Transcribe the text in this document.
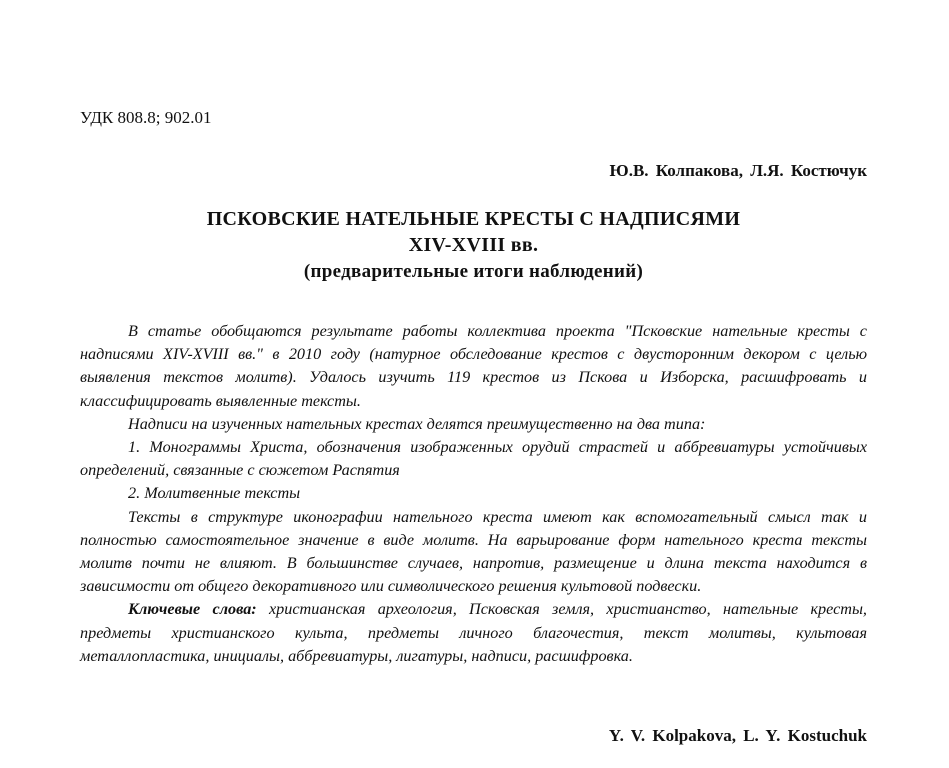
УДК 808.8; 902.01
Ю.В. Колпакова, Л.Я. Костючук
ПСКОВСКИЕ НАТЕЛЬНЫЕ КРЕСТЫ С НАДПИСЯМИ
XIV-XVIII вв.
(предварительные итоги наблюдений)

В статье обобщаются результате работы коллектива проекта "Псковские нательные кресты с надписями XIV-XVIII вв." в 2010 году (натурное обследование крестов с двусторонним декором с целью выявления текстов молитв). Удалось изучить 119 крестов из Пскова и Изборска, расшифровать и классифицировать выявленные тексты.

Надписи на изученных нательных крестах делятся преимущественно на два типа:

1. Монограммы Христа, обозначения изображенных орудий страстей и аббревиатуры устойчивых определений, связанные с сюжетом Распятия

2. Молитвенные тексты

Тексты в структуре иконографии нательного креста имеют как вспомогательный смысл так и полностью самостоятельное значение в виде молитв. На варьирование форм нательного креста тексты молитв почти не влияют. В большинстве случаев, напротив, размещение и длина текста находится в зависимости от общего декоративного или символического решения культовой подвески.

Ключевые слова: христианская археология, Псковская земля, христианство, нательные кресты, предметы христианского культа, предметы личного благочестия, текст молитвы, культовая металлопластика, инициалы, аббревиатуры, лигатуры, надписи, расшифровка.

Y. V. Kolpakova, L. Y. Kostuchuk
